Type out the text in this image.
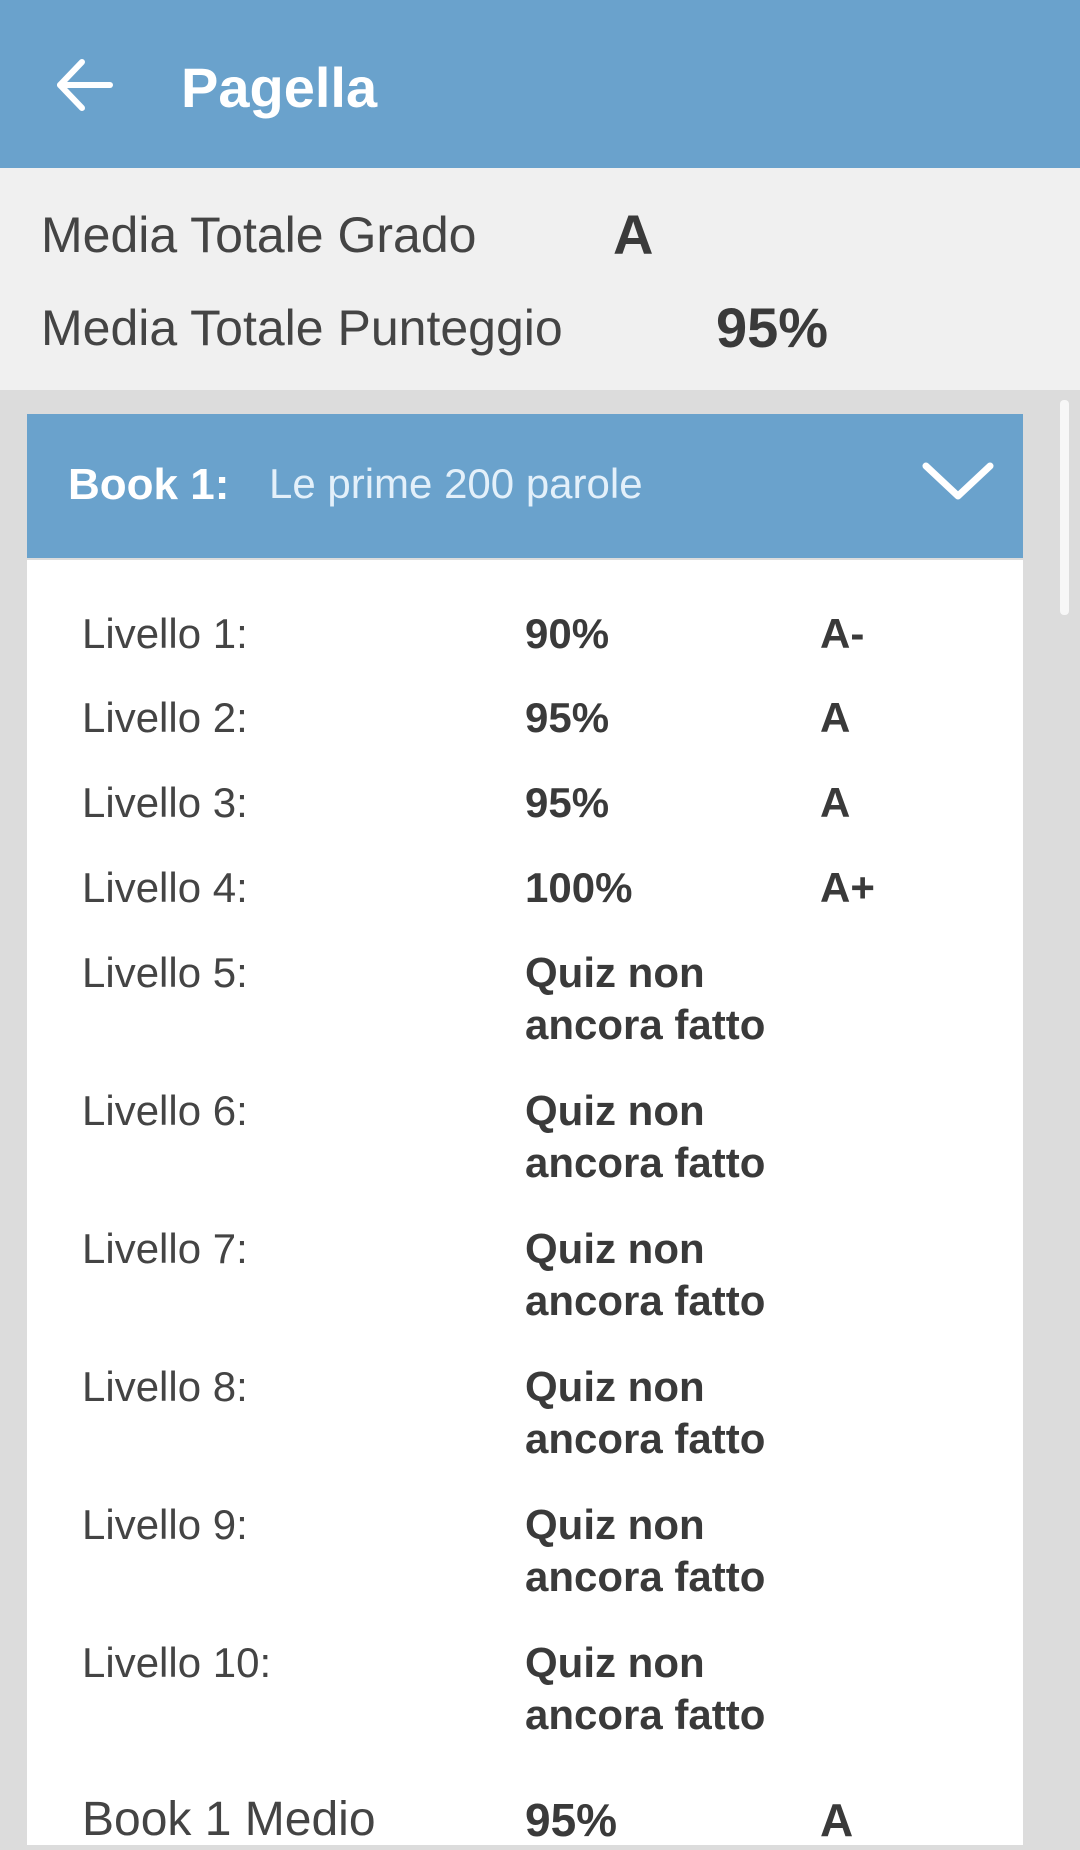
Pagella
Media Totale Grado A
Media Totale Punteggio	95%
Book 1: Le prime 200 parole
Livello 1:	90%	A-
Livello 2:	95%	A
Livello 3:	95%	A
Livello 4:	100%	A+
Livello 5:	Quiz non ancora fatto
Livello 6:	Quiz non ancora fatto
Livello 7:	Quiz non ancora fatto
Livello 8:	Quiz non ancora fatto
Livello 9:	Quiz non ancora fatto
Livello 10:	Quiz non ancora fatto
Book 1 Medio	95%	A
